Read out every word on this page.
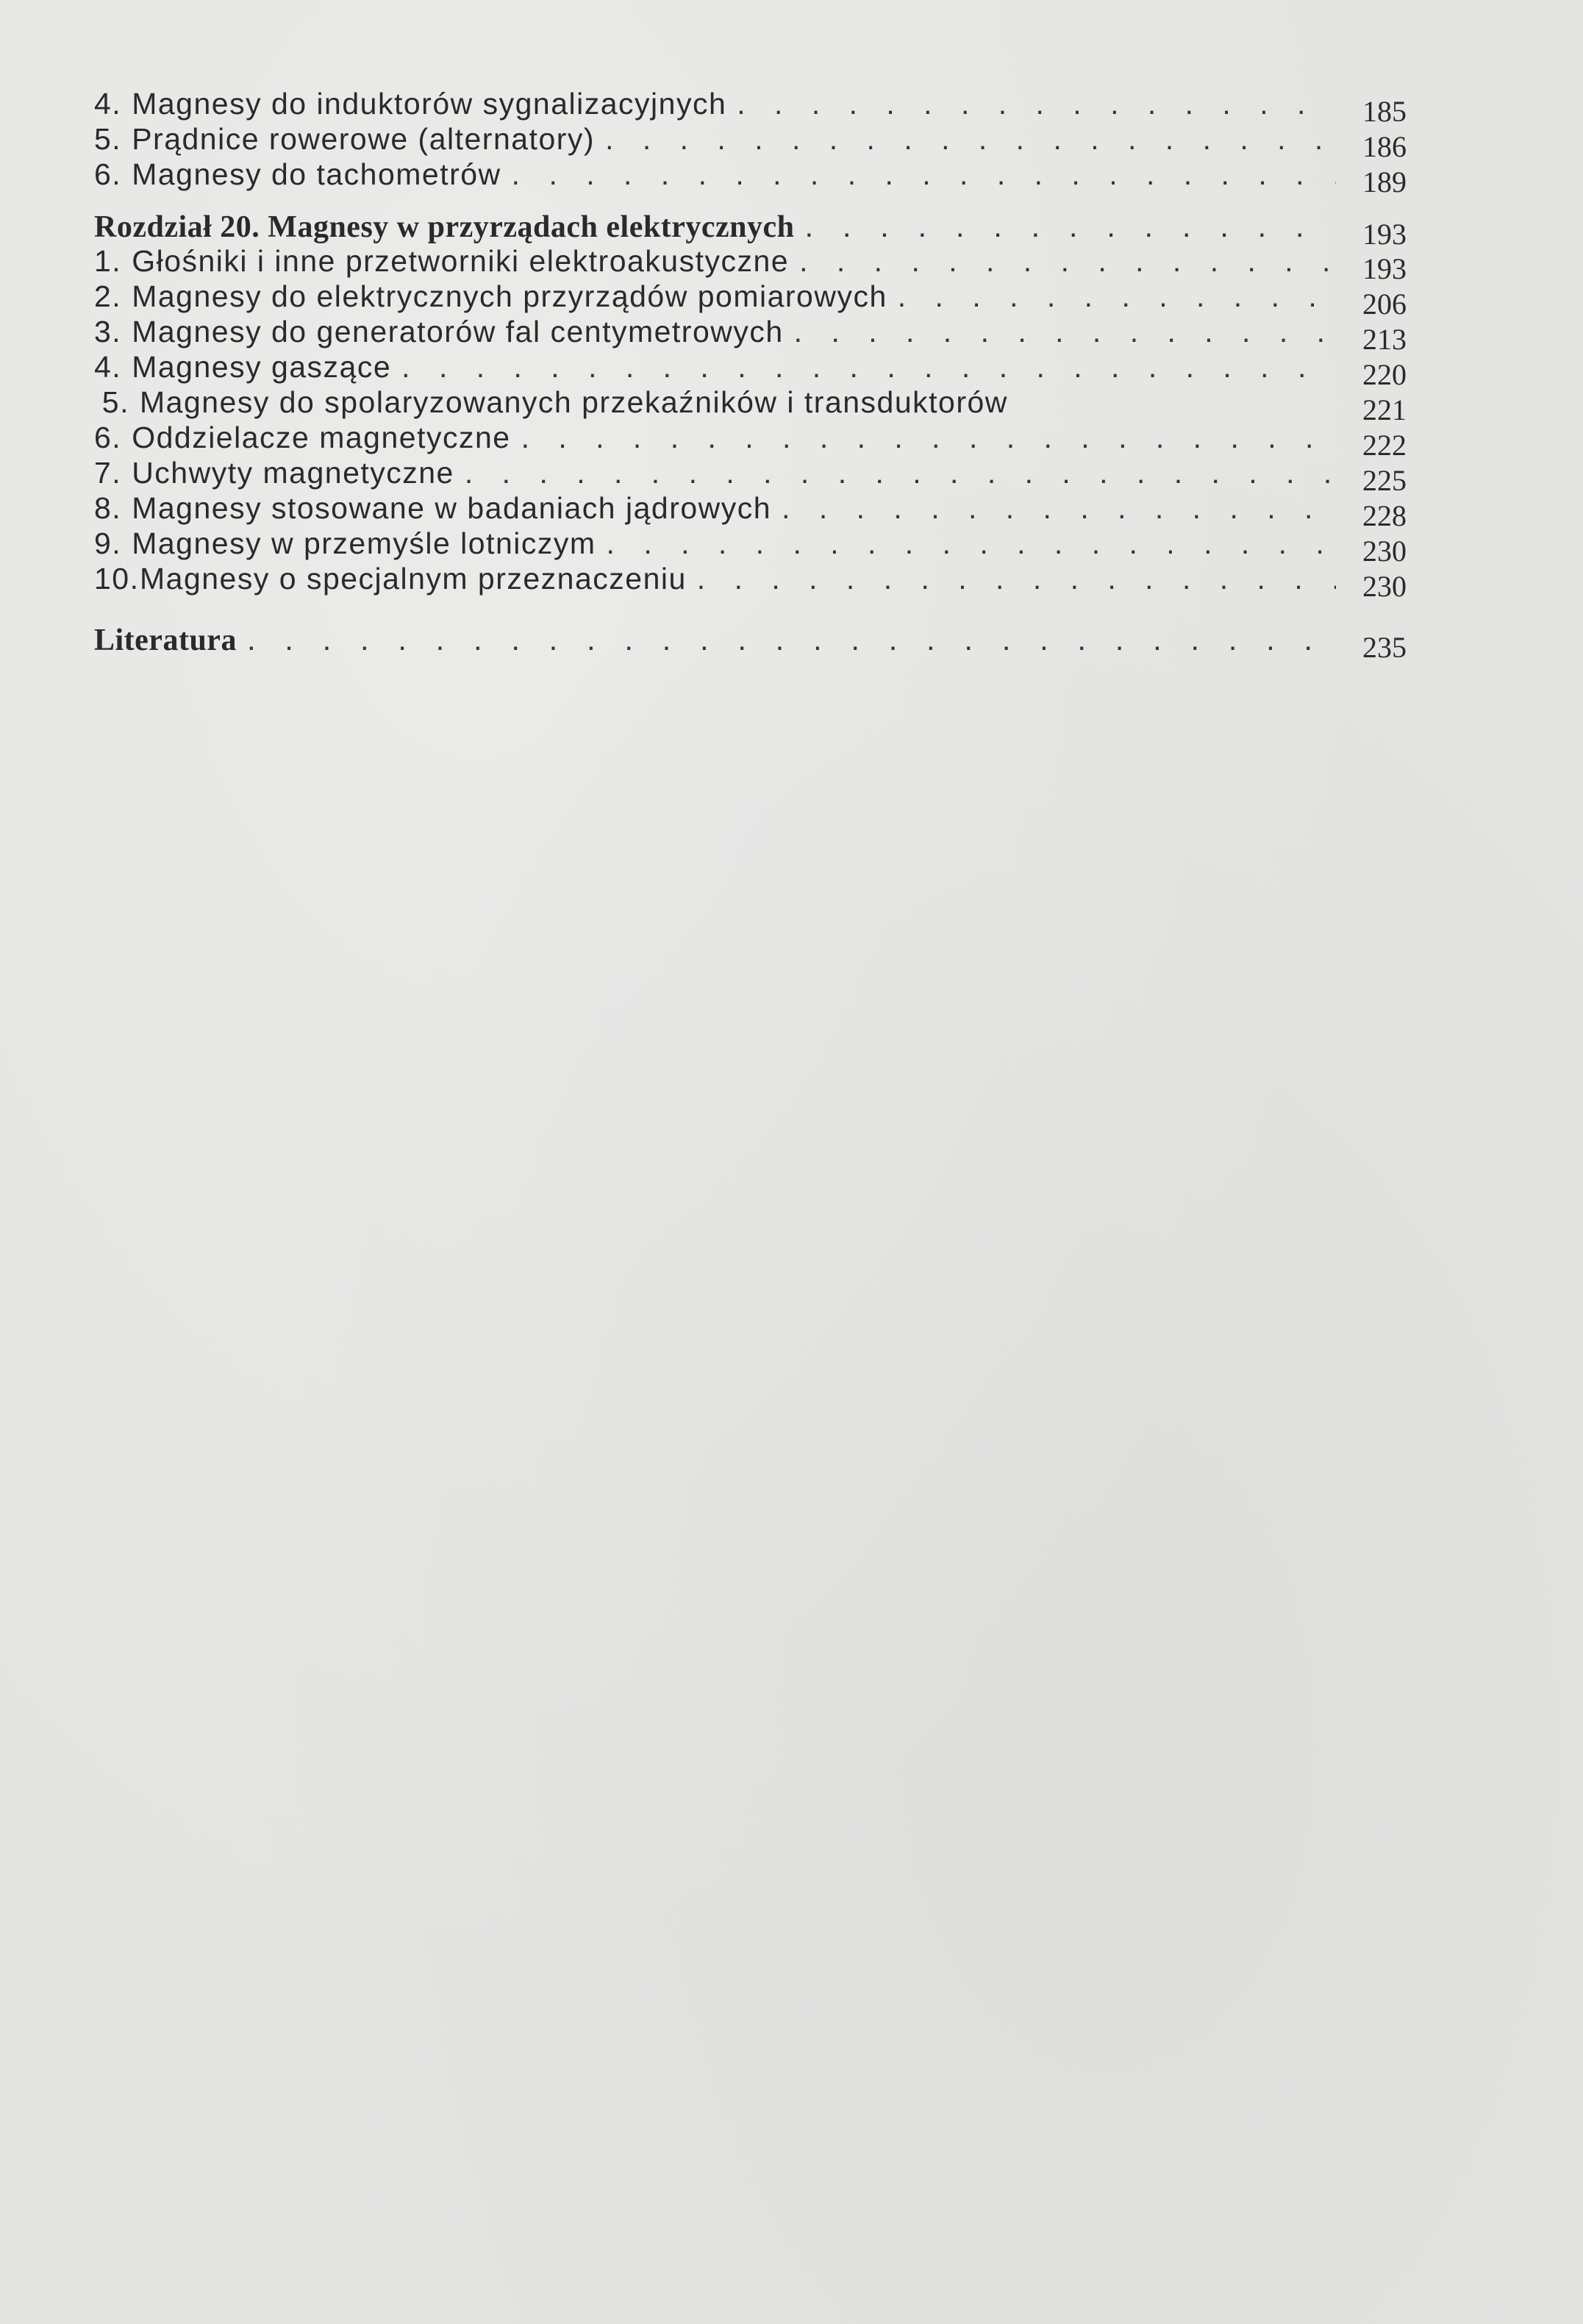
4. Magnesy do induktorów sygnalizacyjnych . . .	185
5. Prądnice rowerowe (alternatory) . . .	186
6. Magnesy do tachometrów . . .	189
Rozdział 20. Magnesy w przyrządach elektrycznych . . .	193
1. Głośniki i inne przetworniki elektroakustyczne . . .	193
2. Magnesy do elektrycznych przyrządów pomiarowych . . .	206
3. Magnesy do generatorów fal centymetrowych . . .	213
4. Magnesy gaszące . . .	220
5. Magnesy do spolaryzowanych przekaźników i transduktorów	221
6. Oddzielacze magnetyczne . . .	222
7. Uchwyty magnetyczne . . .	225
8. Magnesy stosowane w badaniach jądrowych . . .	228
9. Magnesy w przemyśle lotniczym . . .	230
10. Magnesy o specjalnym przeznaczeniu . . .	230
Literatura . . .	235
